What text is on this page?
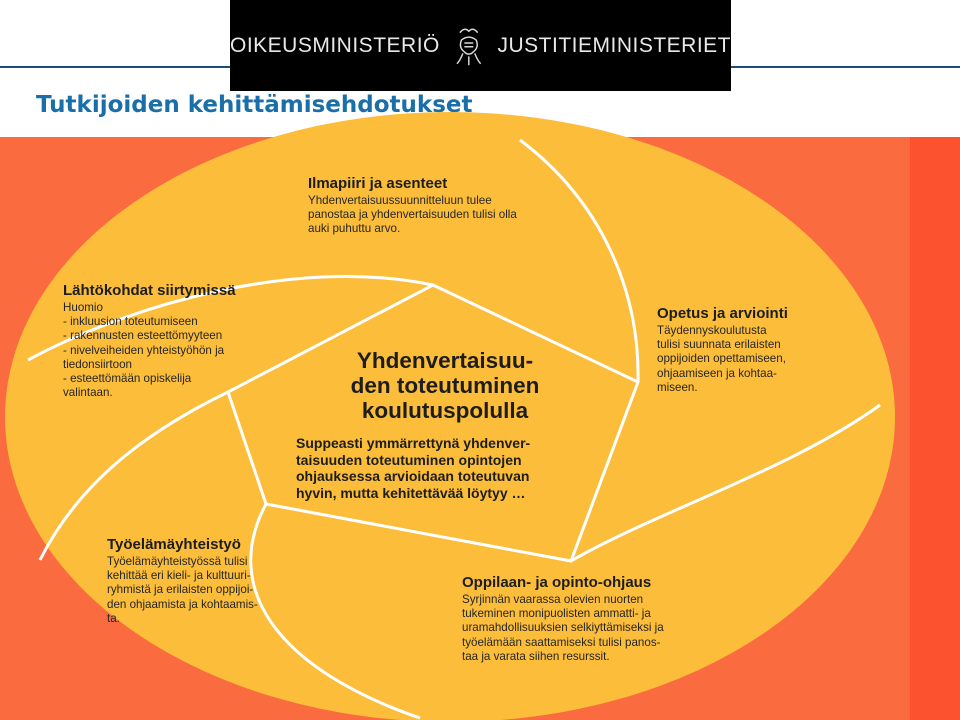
OIKEUSMINISTERIÖ	JUSTITIEMINISTERIET
Tutkijoiden kehittämisehdotukset

Yhdenvertaisuu-
den toteutuminen
koulutuspolulla

Suppeasti ymmärrettynä yhdenver-
taisuuden toteutuminen opintojen
ohjauksessa arvioidaan toteutuvan
hyvin, mutta kehitettävää löytyy …

Ilmapiiri ja asenteet

Yhdenvertaisuussuunnitteluun tulee
panostaa ja yhdenvertaisuuden tulisi olla
auki puhuttu arvo.

Lähtökohdat siirtymissä

Huomio
- inkluusion toteutumiseen
- rakennusten esteettömyyteen
- nivelveiheiden yhteistyöhön ja
tiedonsiirtoon
- esteettömään opiskelija
valintaan.

Opetus ja arviointi

Täydennyskoulutusta
tulisi suunnata erilaisten
oppijoiden opettamiseen,
ohjaamiseen ja kohtaa-
miseen.

Työelämäyhteistyö

Työelämäyhteistyössä tulisi
kehittää eri kieli- ja kulttuuri-
ryhmistä ja erilaisten oppijoi-
den ohjaamista ja kohtaamis-
ta.

Oppilaan- ja opinto-ohjaus

Syrjinnän vaarassa olevien nuorten
tukeminen monipuolisten ammatti- ja
uramahdollisuuksien selkiyttämiseksi ja
työelämään saattamiseksi tulisi panos-
taa ja varata siihen resurssit.
